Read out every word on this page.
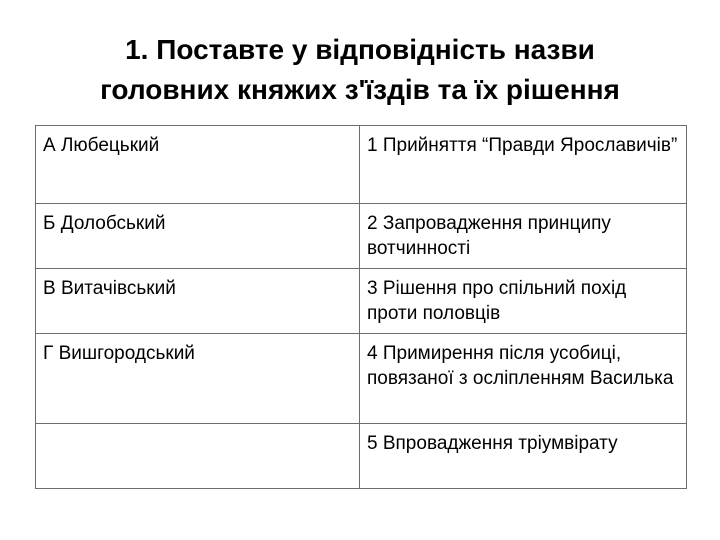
1. Поставте у відповідність назви
головних княжих з'їздів та їх рішення
А Любецький	1 Прийняття “Правди Ярославичів”
Б Долобський	2 Запровадження принципу вотчинності
В Витачівський	3 Рішення про спільний похід проти половців
Г Вишгородський	4 Примирення після усобиці, повязаної з осліпленням Василька
	5 Впровадження тріумвірату
